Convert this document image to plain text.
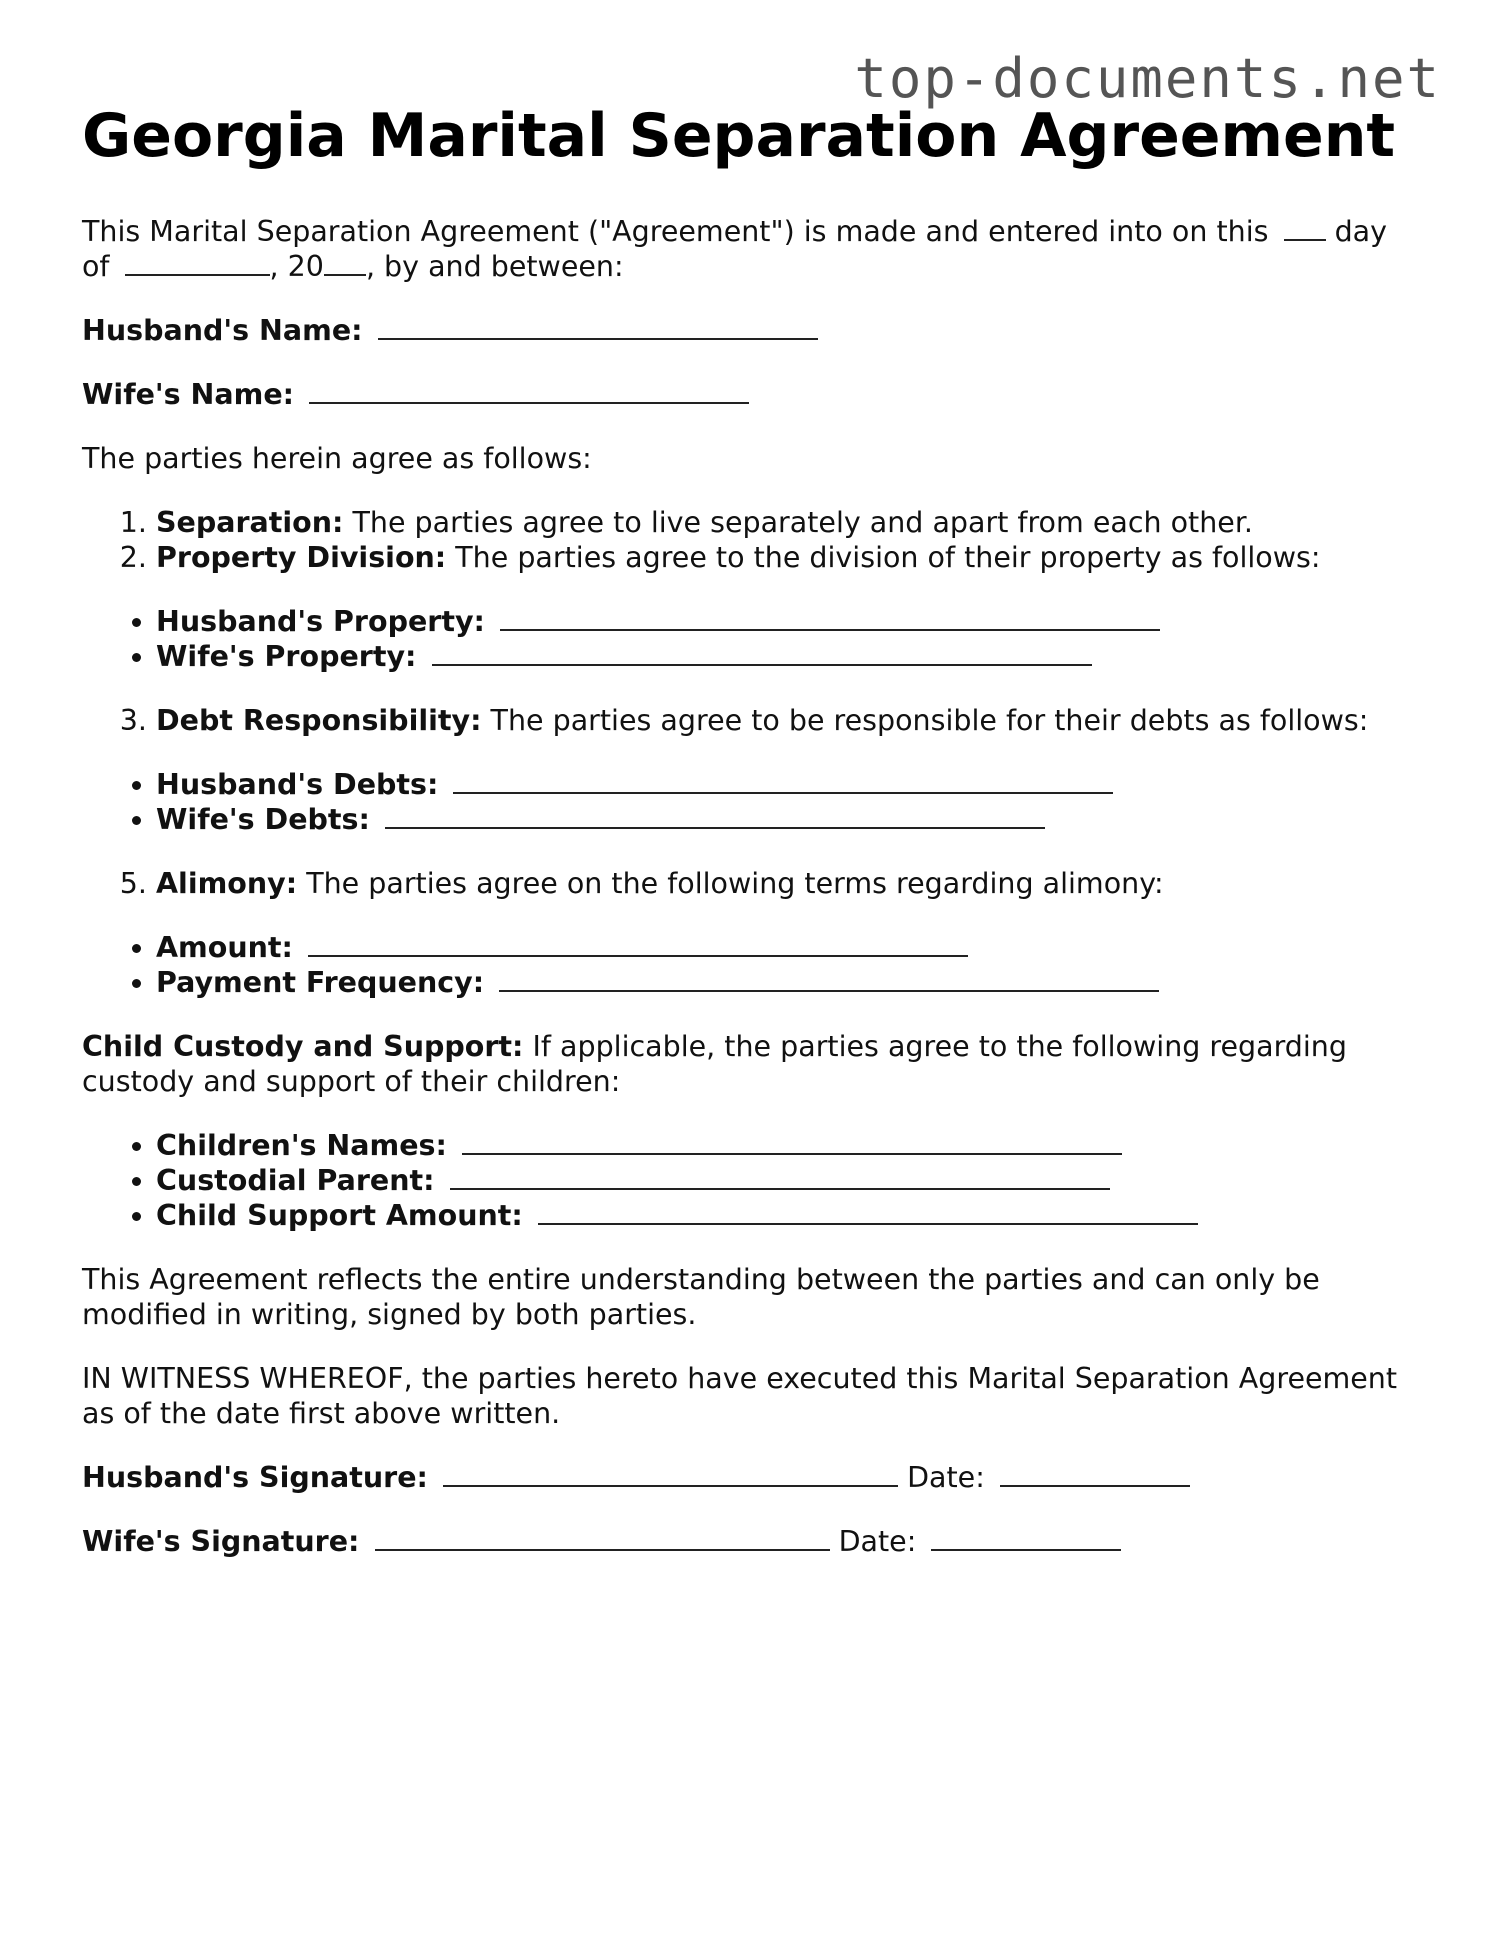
top-documents.net
Georgia Marital Separation Agreement

This Marital Separation Agreement ("Agreement") is made and entered into on this day of	, 20 , by and between:

Husband's Name:

Wife's Name:

The parties herein agree as follows:

1. Separation: The parties agree to live separately and apart from each other.
2. Property Division: The parties agree to the division of their property as follows:
• Husband's Property:
• Wife's Property:
3. Debt Responsibility: The parties agree to be responsible for their debts as follows:
• Husband's Debts:
• Wife's Debts:
5. Alimony: The parties agree on the following terms regarding alimony:
• Amount:
• Payment Frequency:

Child Custody and Support: If applicable, the parties agree to the following regarding custody and support of their children:

• Children's Names:
• Custodial Parent:
• Child Support Amount:

This Agreement reflects the entire understanding between the parties and can only be modified in writing, signed by both parties.

IN WITNESS WHEREOF, the parties hereto have executed this Marital Separation Agreement as of the date first above written.

Husband's Signature:	Date:

Wife's Signature:	Date:
